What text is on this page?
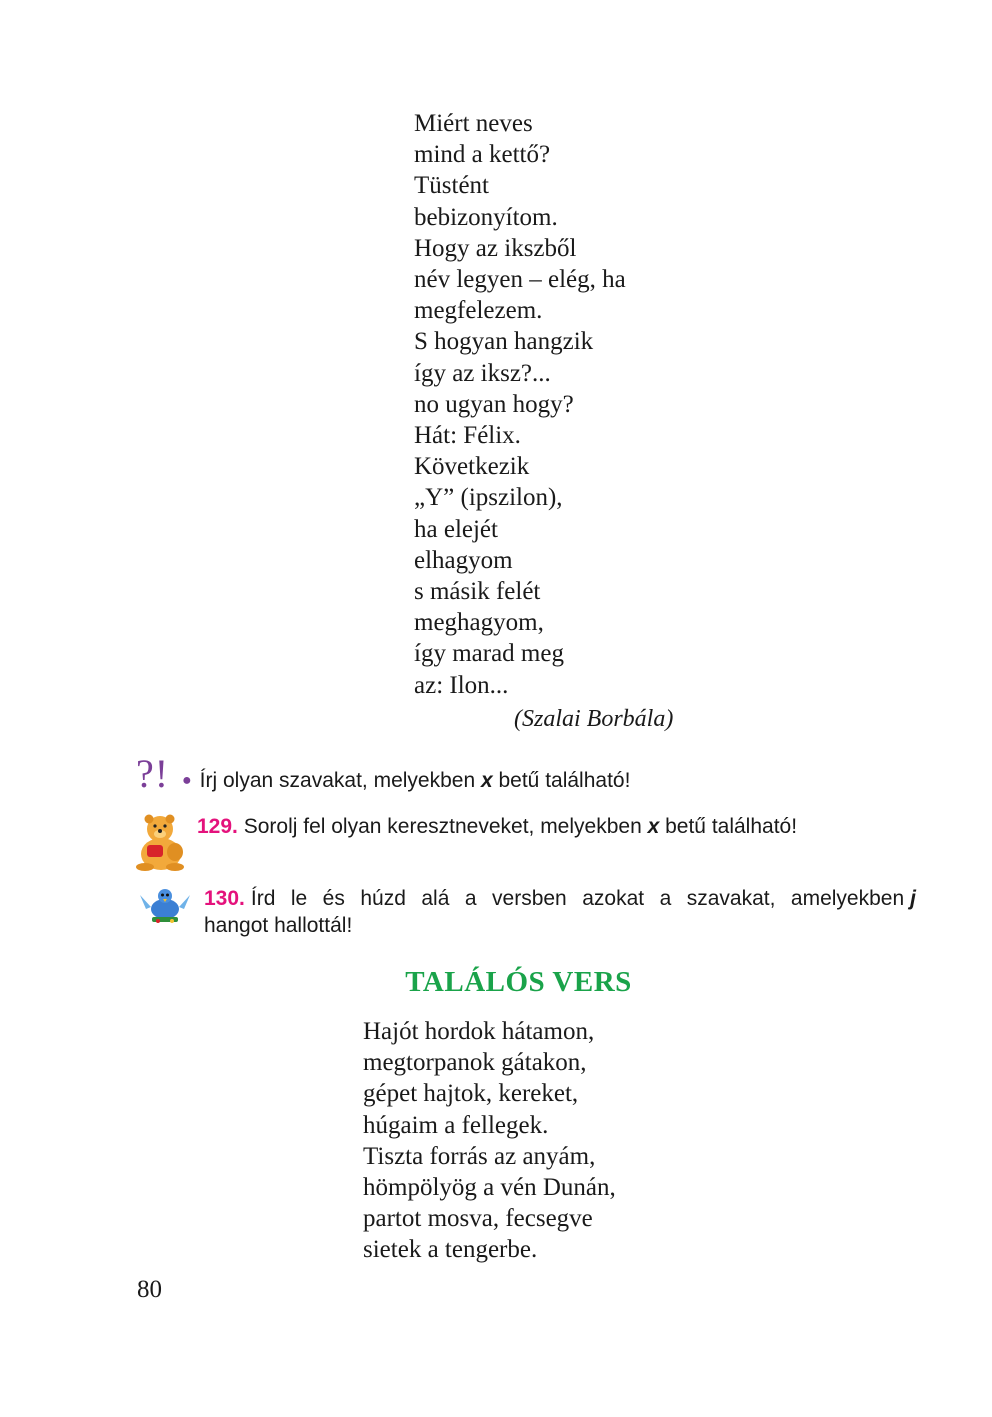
Miért neves
mind a kettő?
Tüstént
bebizonyítom.
Hogy az ikszből
név legyen – elég, ha
megfelezem.
S hogyan hangzik
így az iksz?...
no ugyan hogy?
Hát: Félix.
Következik
„Y” (ipszilon),
ha elejét
elhagyom
s másik felét
meghagyom,
így marad meg
az: Ilon...
(Szalai Borbála)
?! ● Írj olyan szavakat, melyekben x betű található!
129. Sorolj fel olyan keresztneveket, melyekben x betű található!
130. Írd le és húzd alá a versben azokat a szavakat, amelyekben j
hangot hallottál!
TALÁLÓS VERS
Hajót hordok hátamon,
megtorpanok gátakon,
gépet hajtok, kereket,
húgaim a fellegek.
Tiszta forrás az anyám,
hömpölyög a vén Dunán,
partot mosva, fecsegve
sietek a tengerbe.
80
